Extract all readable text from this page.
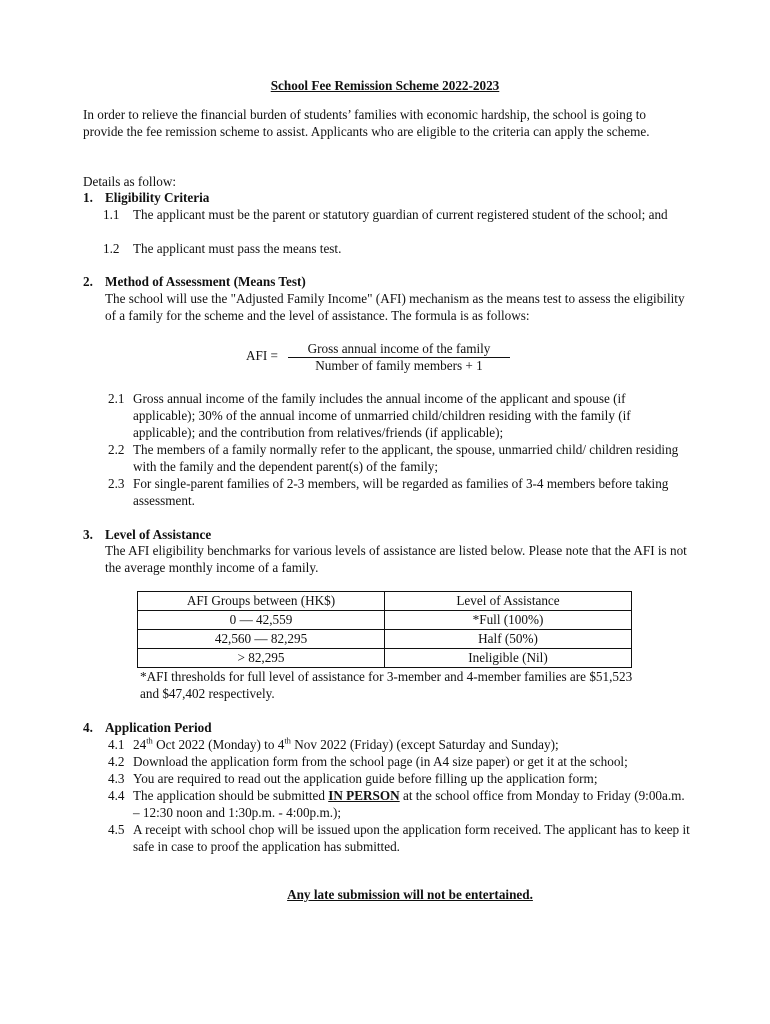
School Fee Remission Scheme 2022-2023
In order to relieve the financial burden of students’ families with economic hardship, the school is going to provide the fee remission scheme to assist. Applicants who are eligible to the criteria can apply the scheme.
Details as follow:
1. Eligibility Criteria
1.1 The applicant must be the parent or statutory guardian of current registered student of the school; and
1.2 The applicant must pass the means test.
2. Method of Assessment (Means Test)
The school will use the "Adjusted Family Income" (AFI) mechanism as the means test to assess the eligibility of a family for the scheme and the level of assistance. The formula is as follows:
AFI =	Gross annual income of the family
Number of family members + 1
2.1 Gross annual income of the family includes the annual income of the applicant and spouse (if applicable); 30% of the annual income of unmarried child/children residing with the family (if applicable); and the contribution from relatives/friends (if applicable);
2.2 The members of a family normally refer to the applicant, the spouse, unmarried child/ children residing with the family and the dependent parent(s) of the family;
2.3 For single-parent families of 2-3 members, will be regarded as families of 3-4 members before taking assessment.
3. Level of Assistance
The AFI eligibility benchmarks for various levels of assistance are listed below. Please note that the AFI is not the average monthly income of a family.
AFI Groups between (HK$)	Level of Assistance
0 — 42,559	*Full (100%)
42,560 — 82,295	Half (50%)
> 82,295	Ineligible (Nil)
*AFI thresholds for full level of assistance for 3-member and 4-member families are $51,523 and $47,402 respectively.
4. Application Period
4.1 24th Oct 2022 (Monday) to 4th Nov 2022 (Friday) (except Saturday and Sunday);
4.2 Download the application form from the school page (in A4 size paper) or get it at the school;
4.3 You are required to read out the application guide before filling up the application form;
4.4 The application should be submitted IN PERSON at the school office from Monday to Friday (9:00a.m. – 12:30 noon and 1:30p.m. - 4:00p.m.);
4.5 A receipt with school chop will be issued upon the application form received. The applicant has to keep it safe in case to proof the application has submitted.
Any late submission will not be entertained.
